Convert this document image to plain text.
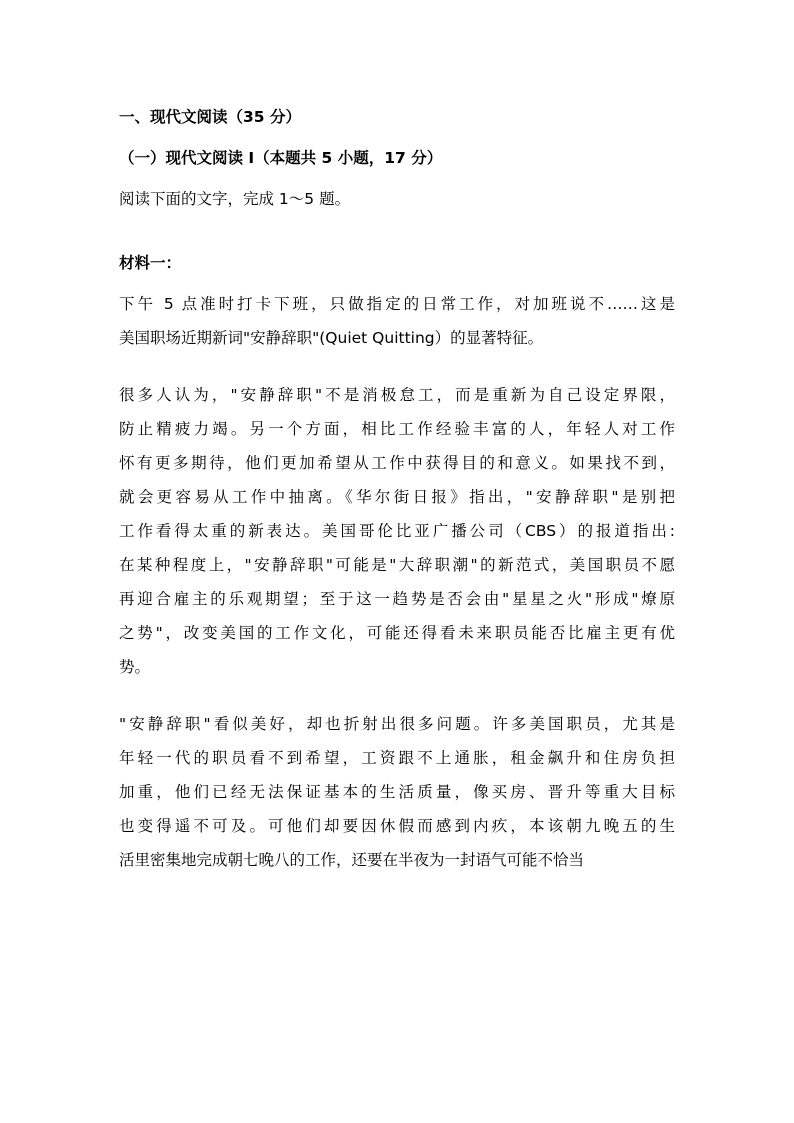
一、现代文阅读（35 分）
（一）现代文阅读 I（本题共 5 小题，17 分）
阅读下面的文字，完成 1～5 题。
材料一：
下午 5 点准时打卡下班，只做指定的日常工作，对加班说不……这是
美国职场近期新词"安静辞职"(Quiet Quitting）的显著特征。
很多人认为，"安静辞职"不是消极怠工，而是重新为自己设定界限，
防止精疲力竭。另一个方面，相比工作经验丰富的人，年轻人对工作
怀有更多期待，他们更加希望从工作中获得目的和意义。如果找不到，
就会更容易从工作中抽离。《华尔街日报》指出，"安静辞职"是别把
工作看得太重的新表达。美国哥伦比亚广播公司（CBS）的报道指出:
在某种程度上，"安静辞职"可能是"大辞职潮"的新范式，美国职员不愿
再迎合雇主的乐观期望；至于这一趋势是否会由"星星之火"形成"燎原
之势"，改变美国的工作文化，可能还得看未来职员能否比雇主更有优
势。
"安静辞职"看似美好，却也折射出很多问题。许多美国职员，尤其是
年轻一代的职员看不到希望，工资跟不上通胀，租金飙升和住房负担
加重，他们已经无法保证基本的生活质量，像买房、晋升等重大目标
也变得遥不可及。可他们却要因休假而感到内疚，本该朝九晚五的生
活里密集地完成朝七晚八的工作，还要在半夜为一封语气可能不恰当
